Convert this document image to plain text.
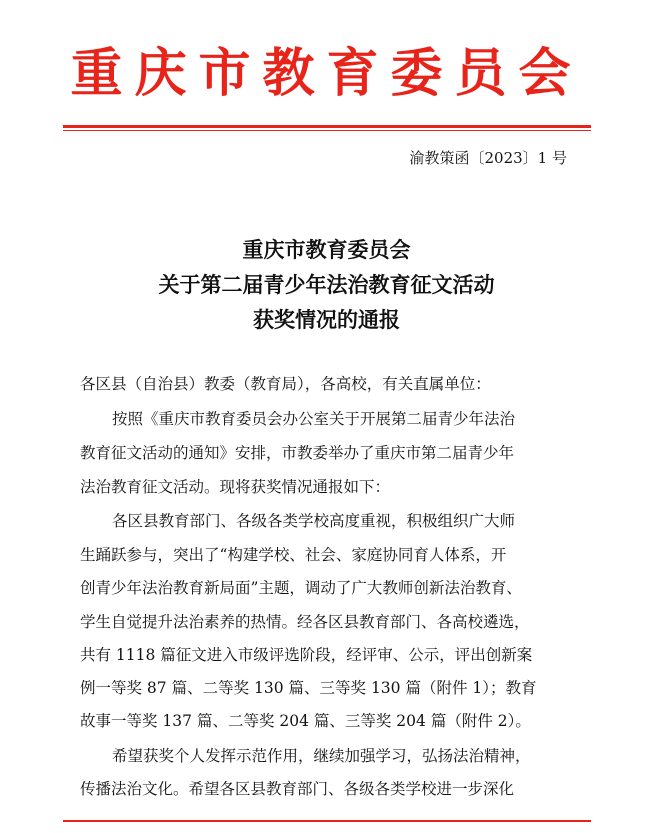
重庆市教育委员会
渝教策函〔2023〕1 号
重庆市教育委员会
关于第二届青少年法治教育征文活动
获奖情况的通报
各区县（自治县）教委（教育局），各高校，有关直属单位：
按照《重庆市教育委员会办公室关于开展第二届青少年法治
教育征文活动的通知》安排，市教委举办了重庆市第二届青少年
法治教育征文活动。现将获奖情况通报如下：
各区县教育部门、各级各类学校高度重视，积极组织广大师
生踊跃参与，突出了“构建学校、社会、家庭协同育人体系，开
创青少年法治教育新局面”主题，调动了广大教师创新法治教育、
学生自觉提升法治素养的热情。经各区县教育部门、各高校遴选，
共有 1118 篇征文进入市级评选阶段，经评审、公示，评出创新案
例一等奖 87 篇、二等奖 130 篇、三等奖 130 篇（附件 1）；教育
故事一等奖 137 篇、二等奖 204 篇、三等奖 204 篇（附件 2）。
希望获奖个人发挥示范作用，继续加强学习，弘扬法治精神，
传播法治文化。希望各区县教育部门、各级各类学校进一步深化
